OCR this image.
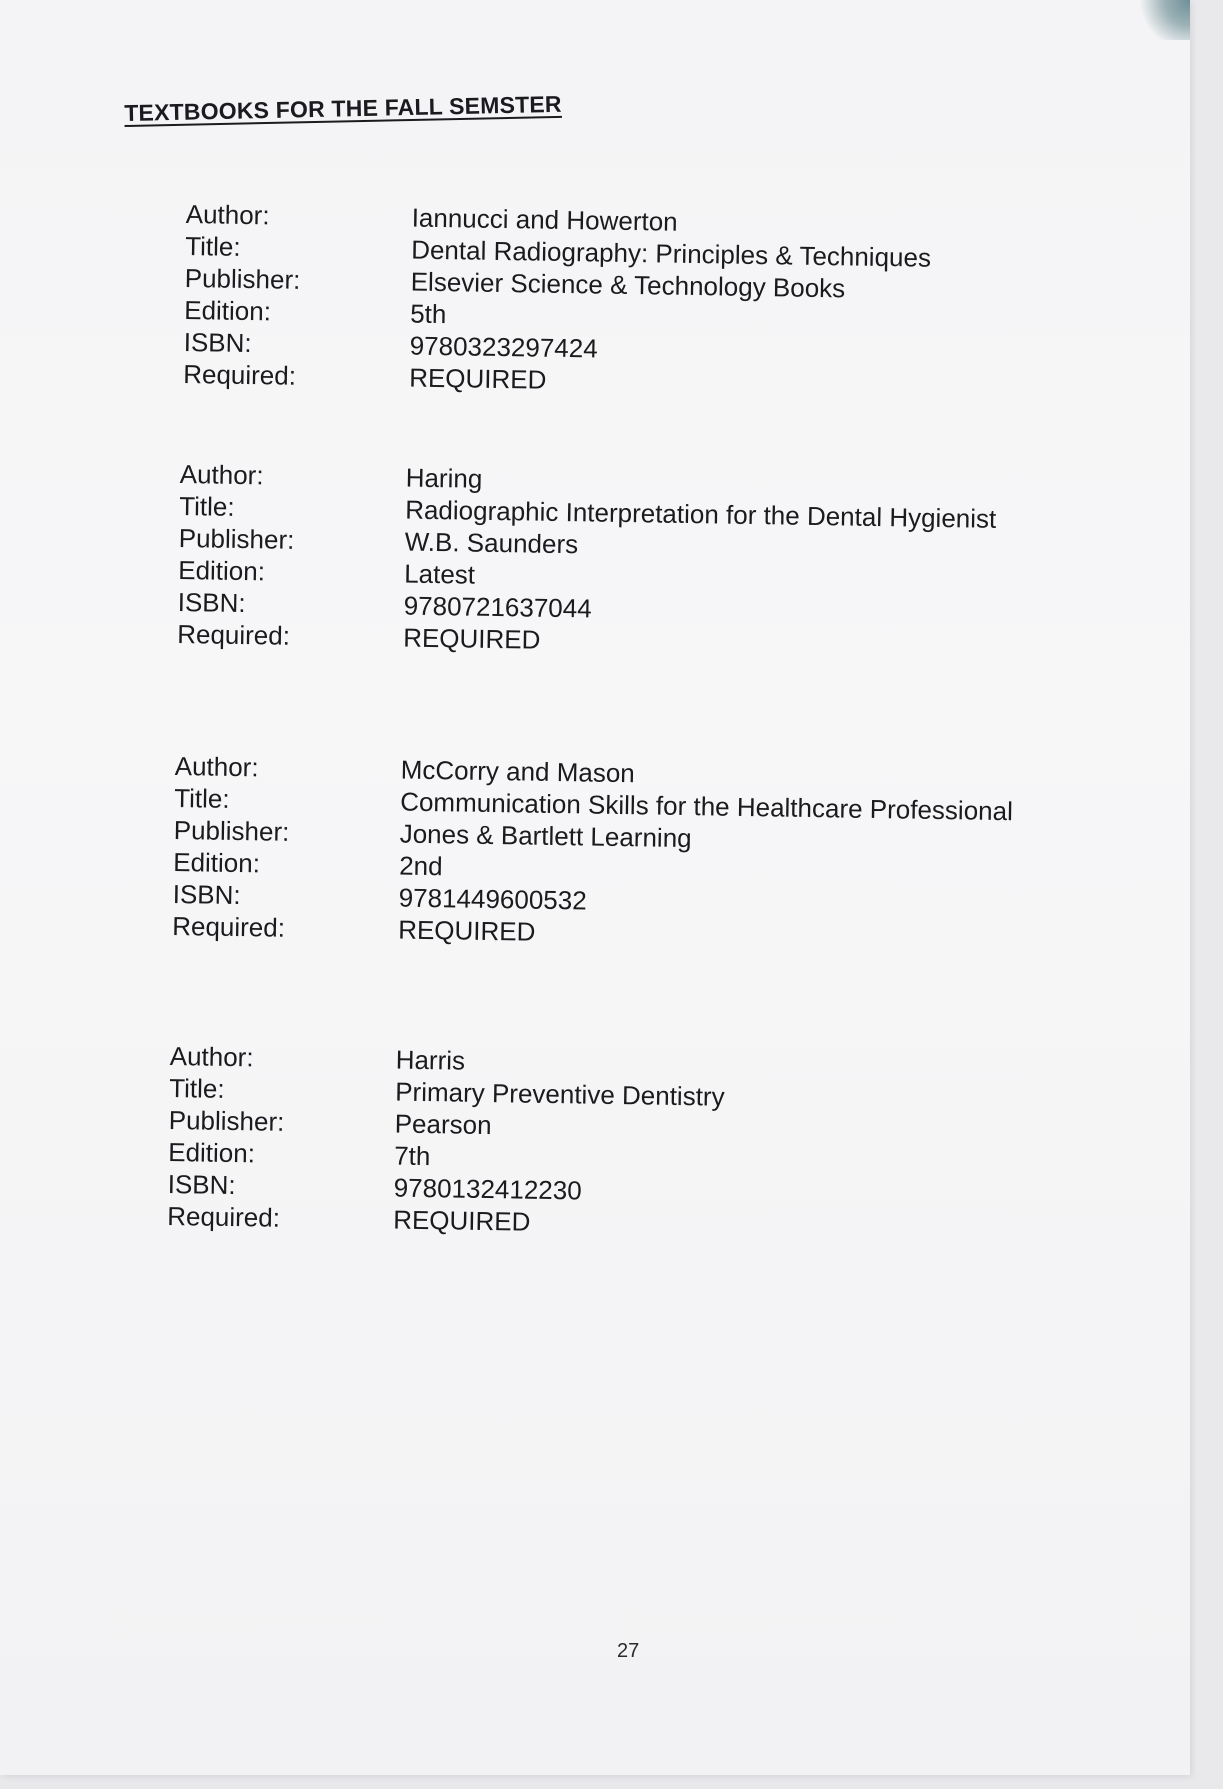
TEXTBOOKS FOR THE FALL SEMSTER
Author:	Iannucci and Howerton
Title:	Dental Radiography: Principles & Techniques
Publisher:	Elsevier Science & Technology Books
Edition:	5th
ISBN:	9780323297424
Required:	REQUIRED
Author:	Haring
Title:	Radiographic Interpretation for the Dental Hygienist
Publisher:	W.B. Saunders
Edition:	Latest
ISBN:	9780721637044
Required:	REQUIRED
Author:	McCorry and Mason
Title:	Communication Skills for the Healthcare Professional
Publisher:	Jones & Bartlett Learning
Edition:	2nd
ISBN:	9781449600532
Required:	REQUIRED
Author:	Harris
Title:	Primary Preventive Dentistry
Publisher:	Pearson
Edition:	7th
ISBN:	9780132412230
Required:	REQUIRED
27
